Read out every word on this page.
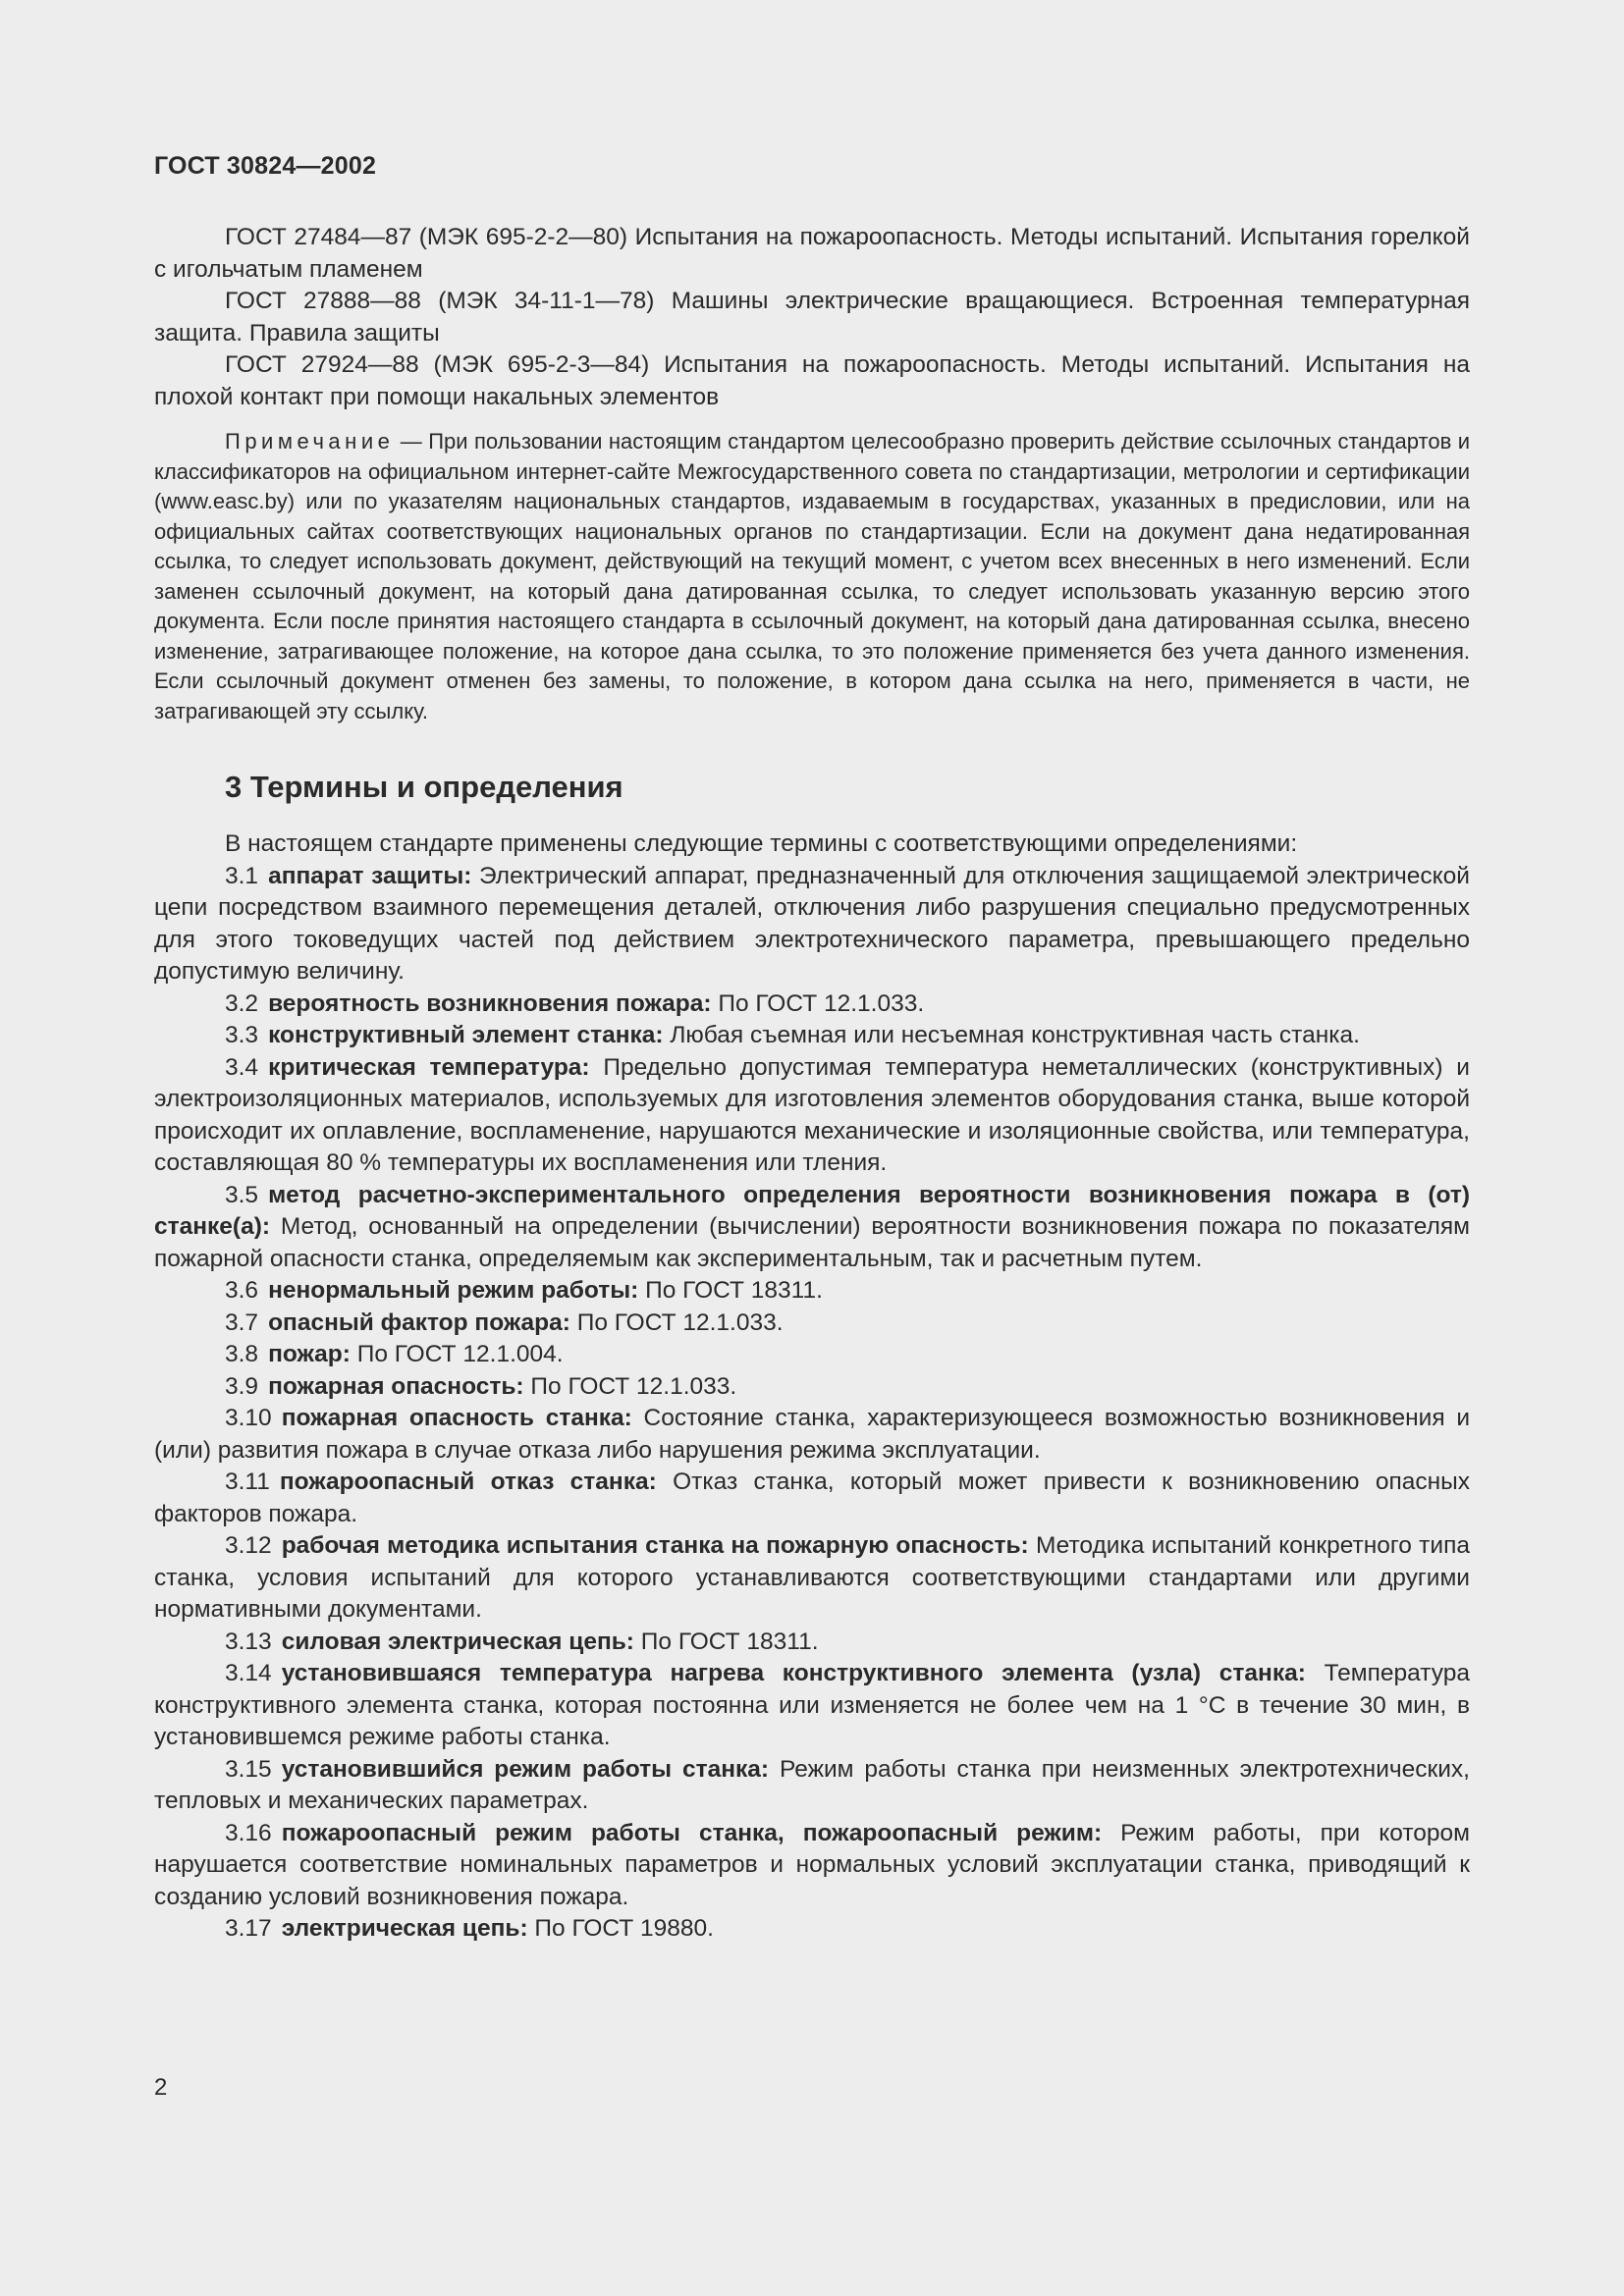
ГОСТ 30824—2002

ГОСТ 27484—87 (МЭК 695-2-2—80) Испытания на пожароопасность. Методы испытаний. Испытания горелкой с игольчатым пламенем

ГОСТ 27888—88 (МЭК 34-11-1—78) Машины электрические вращающиеся. Встроенная температурная защита. Правила защиты

ГОСТ 27924—88 (МЭК 695-2-3—84) Испытания на пожароопасность. Методы испытаний. Испытания на плохой контакт при помощи накальных элементов

Примечание — При пользовании настоящим стандартом целесообразно проверить действие ссылочных стандартов и классификаторов на официальном интернет-сайте Межгосударственного совета по стандартизации, метрологии и сертификации (www.easc.by) или по указателям национальных стандартов, издаваемым в государствах, указанных в предисловии, или на официальных сайтах соответствующих национальных органов по стандартизации. Если на документ дана недатированная ссылка, то следует использовать документ, действующий на текущий момент, с учетом всех внесенных в него изменений. Если заменен ссылочный документ, на который дана датированная ссылка, то следует использовать указанную версию этого документа. Если после принятия настоящего стандарта в ссылочный документ, на который дана датированная ссылка, внесено изменение, затрагивающее положение, на которое дана ссылка, то это положение применяется без учета данного изменения. Если ссылочный документ отменен без замены, то положение, в котором дана ссылка на него, применяется в части, не затрагивающей эту ссылку.

3 Термины и определения

В настоящем стандарте применены следующие термины с соответствующими определениями:

3.1 аппарат защиты: Электрический аппарат, предназначенный для отключения защищаемой электрической цепи посредством взаимного перемещения деталей, отключения либо разрушения специально предусмотренных для этого токоведущих частей под действием электротехнического параметра, превышающего предельно допустимую величину.

3.2 вероятность возникновения пожара: По ГОСТ 12.1.033.

3.3 конструктивный элемент станка: Любая съемная или несъемная конструктивная часть станка.

3.4 критическая температура: Предельно допустимая температура неметаллических (конструктивных) и электроизоляционных материалов, используемых для изготовления элементов оборудования станка, выше которой происходит их оплавление, воспламенение, нарушаются механические и изоляционные свойства, или температура, составляющая 80 % температуры их воспламенения или тления.

3.5 метод расчетно-экспериментального определения вероятности возникновения пожара в (от) станке(а): Метод, основанный на определении (вычислении) вероятности возникновения пожара по показателям пожарной опасности станка, определяемым как экспериментальным, так и расчетным путем.

3.6 ненормальный режим работы: По ГОСТ 18311.

3.7 опасный фактор пожара: По ГОСТ 12.1.033.

3.8 пожар: По ГОСТ 12.1.004.

3.9 пожарная опасность: По ГОСТ 12.1.033.

3.10 пожарная опасность станка: Состояние станка, характеризующееся возможностью возникновения и (или) развития пожара в случае отказа либо нарушения режима эксплуатации.

3.11 пожароопасный отказ станка: Отказ станка, который может привести к возникновению опасных факторов пожара.

3.12 рабочая методика испытания станка на пожарную опасность: Методика испытаний конкретного типа станка, условия испытаний для которого устанавливаются соответствующими стандартами или другими нормативными документами.

3.13 силовая электрическая цепь: По ГОСТ 18311.

3.14 установившаяся температура нагрева конструктивного элемента (узла) станка: Температура конструктивного элемента станка, которая постоянна или изменяется не более чем на 1 °С в течение 30 мин, в установившемся режиме работы станка.

3.15 установившийся режим работы станка: Режим работы станка при неизменных электротехнических, тепловых и механических параметрах.

3.16 пожароопасный режим работы станка, пожароопасный режим: Режим работы, при котором нарушается соответствие номинальных параметров и нормальных условий эксплуатации станка, приводящий к созданию условий возникновения пожара.

3.17 электрическая цепь: По ГОСТ 19880.

2
